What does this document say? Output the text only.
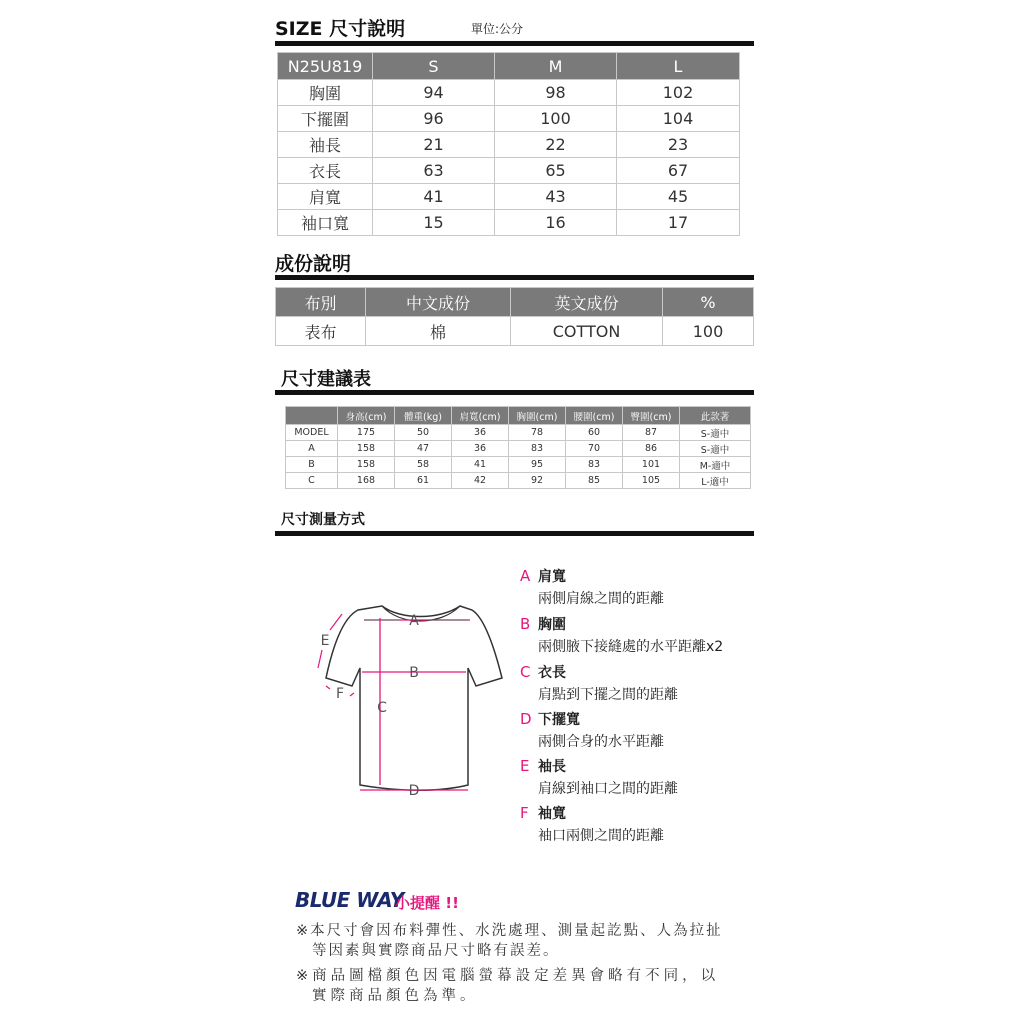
SIZE 尺寸說明	單位:公分
N25U819	S	M	L
胸圍	94	98	102
下擺圍	96	100	104
袖長	21	22	23
衣長	63	65	67
肩寬	41	43	45
袖口寬	15	16	17
成份說明
布別	中文成份	英文成份	%
表布	棉	COTTON	100
尺寸建議表
	身高(cm)	體重(kg)	肩寬(cm)	胸圍(cm)	腰圍(cm)	臀圍(cm)	此款著
MODEL	175	50	36	78	60	87	S-適中
A	158	47	36	83	70	86	S-適中
B	158	58	41	95	83	101	M-適中
C	168	61	42	92	85	105	L-適中
尺寸測量方式
A
B
C
D
E
F
A 肩寬
兩側肩線之間的距離
B 胸圍
兩側腋下接縫處的水平距離x2
C 衣長
肩點到下擺之間的距離
D 下擺寬
兩側合身的水平距離
E 袖長
肩線到袖口之間的距離
F 袖寬
袖口兩側之間的距離
BLUE WAY
小提醒 !!
※本尺寸會因布料彈性、水洗處理、測量起訖點、人為拉扯
等因素與實際商品尺寸略有誤差。
※商品圖檔顏色因電腦螢幕設定差異會略有不同，以
實際商品顏色為準。
